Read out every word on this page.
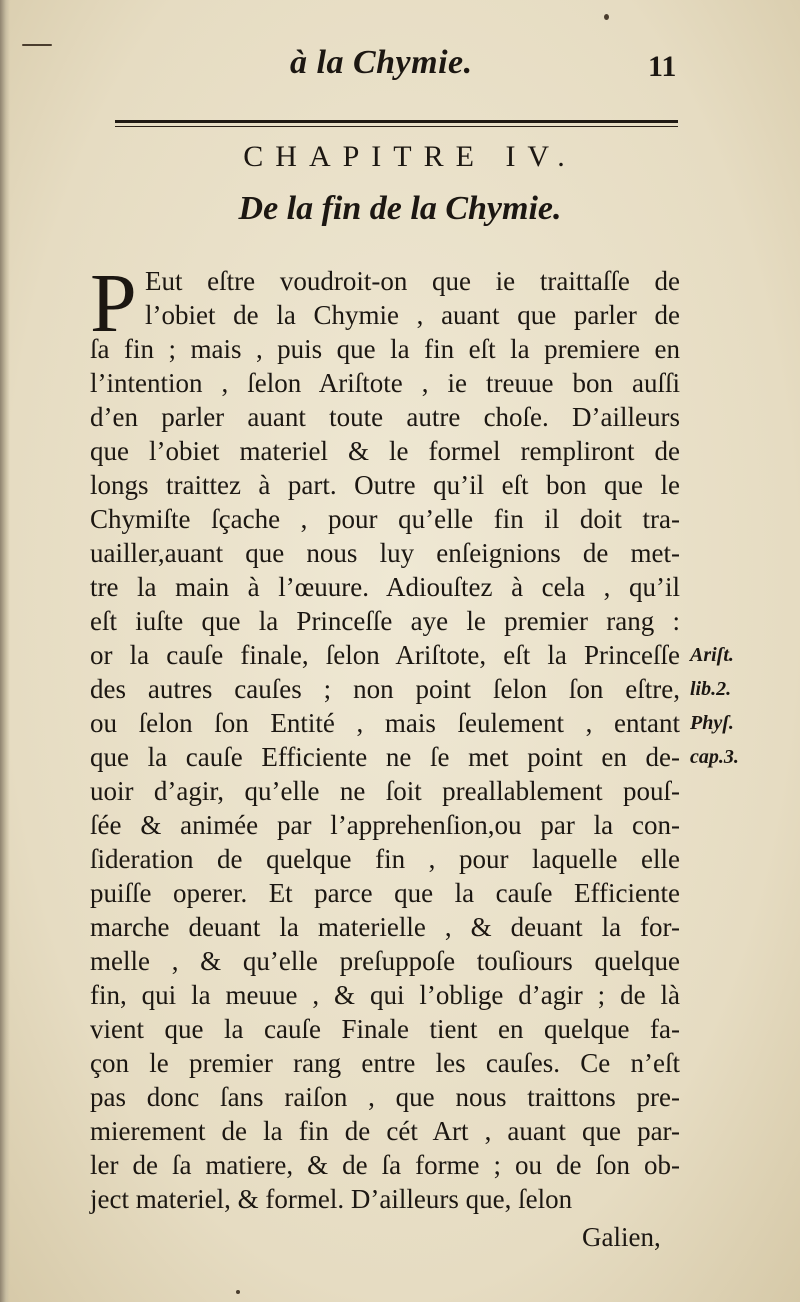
à la Chymie.	11
CHAPITRE IV.
De la fin de la Chymie.
P Eut eſtre voudroit-on que ie traittaſſe de
l’obiet de la Chymie , auant que parler de
ſa fin ; mais , puis que la fin eſt la premiere en
l’intention , ſelon Ariſtote , ie treuue bon auſſi
d’en parler auant toute autre choſe. D’ailleurs
que l’obiet materiel & le formel rempliront de
longs traittez à part. Outre qu’il eſt bon que le
Chymiſte ſçache , pour qu’elle fin il doit tra-
uailler,auant que nous luy enſeignions de met-
tre la main à l’œuure. Adiouſtez à cela , qu’il
eſt iuſte que la Princeſſe aye le premier rang :
or la cauſe finale, ſelon Ariſtote, eſt la Princeſſe
des autres cauſes ; non point ſelon ſon eſtre,
ou ſelon ſon Entité , mais ſeulement , entant
que la cauſe Efficiente ne ſe met point en de-
uoir d’agir, qu’elle ne ſoit preallablement pouſ-
ſée & animée par l’apprehenſion,ou par la con-
ſideration de quelque fin , pour laquelle elle
puiſſe operer. Et parce que la cauſe Efficiente
marche deuant la materielle , & deuant la for-
melle , & qu’elle preſuppoſe touſiours quelque
fin, qui la meuue , & qui l’oblige d’agir ; de là
vient que la cauſe Finale tient en quelque fa-
çon le premier rang entre les cauſes. Ce n’eſt
pas donc ſans raiſon , que nous traittons pre-
mierement de la fin de cét Art , auant que par-
ler de ſa matiere, & de ſa forme ; ou de ſon ob-
ject materiel, & formel. D’ailleurs que, ſelon
Ariſt.
lib.2.
Phyſ.
cap.3.
Galien,
